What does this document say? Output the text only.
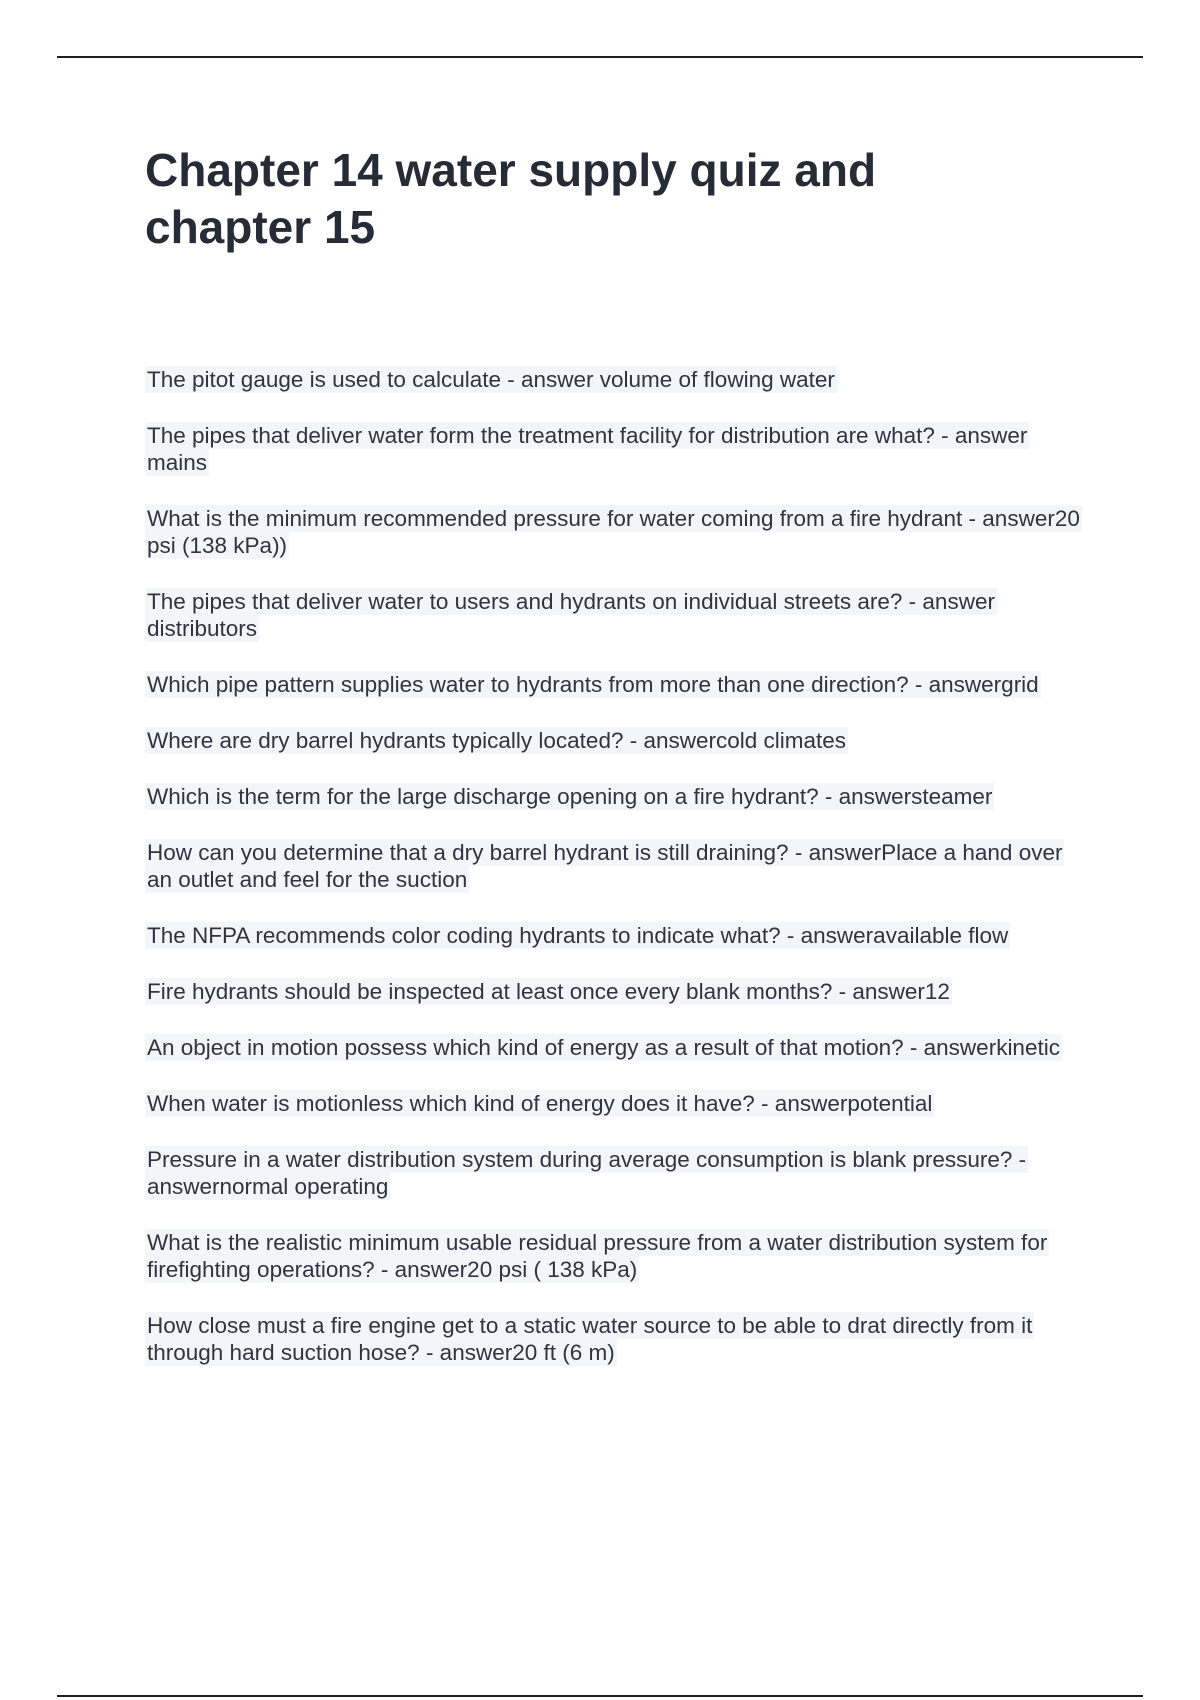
Chapter 14 water supply quiz and chapter 15
The pitot gauge is used to calculate - answer volume of flowing water
The pipes that deliver water form the treatment facility for distribution are what? - answer mains
What is the minimum recommended pressure for water coming from a fire hydrant - answer20 psi (138 kPa))
The pipes that deliver water to users and hydrants on individual streets are? - answer distributors
Which pipe pattern supplies water to hydrants from more than one direction? - answergrid
Where are dry barrel hydrants typically located? - answercold climates
Which is the term for the large discharge opening on a fire hydrant? - answersteamer
How can you determine that a dry barrel hydrant is still draining? - answerPlace a hand over an outlet and feel for the suction
The NFPA recommends color coding hydrants to indicate what? - answeravailable flow
Fire hydrants should be inspected at least once every blank months? - answer12
An object in motion possess which kind of energy as a result of that motion? - answerkinetic
When water is motionless which kind of energy does it have? - answerpotential
Pressure in a water distribution system during average consumption is blank pressure? - answernormal operating
What is the realistic minimum usable residual pressure from a water distribution system for firefighting operations? - answer20 psi ( 138 kPa)
How close must a fire engine get to a static water source to be able to drat directly from it through hard suction hose? - answer20 ft (6 m)
